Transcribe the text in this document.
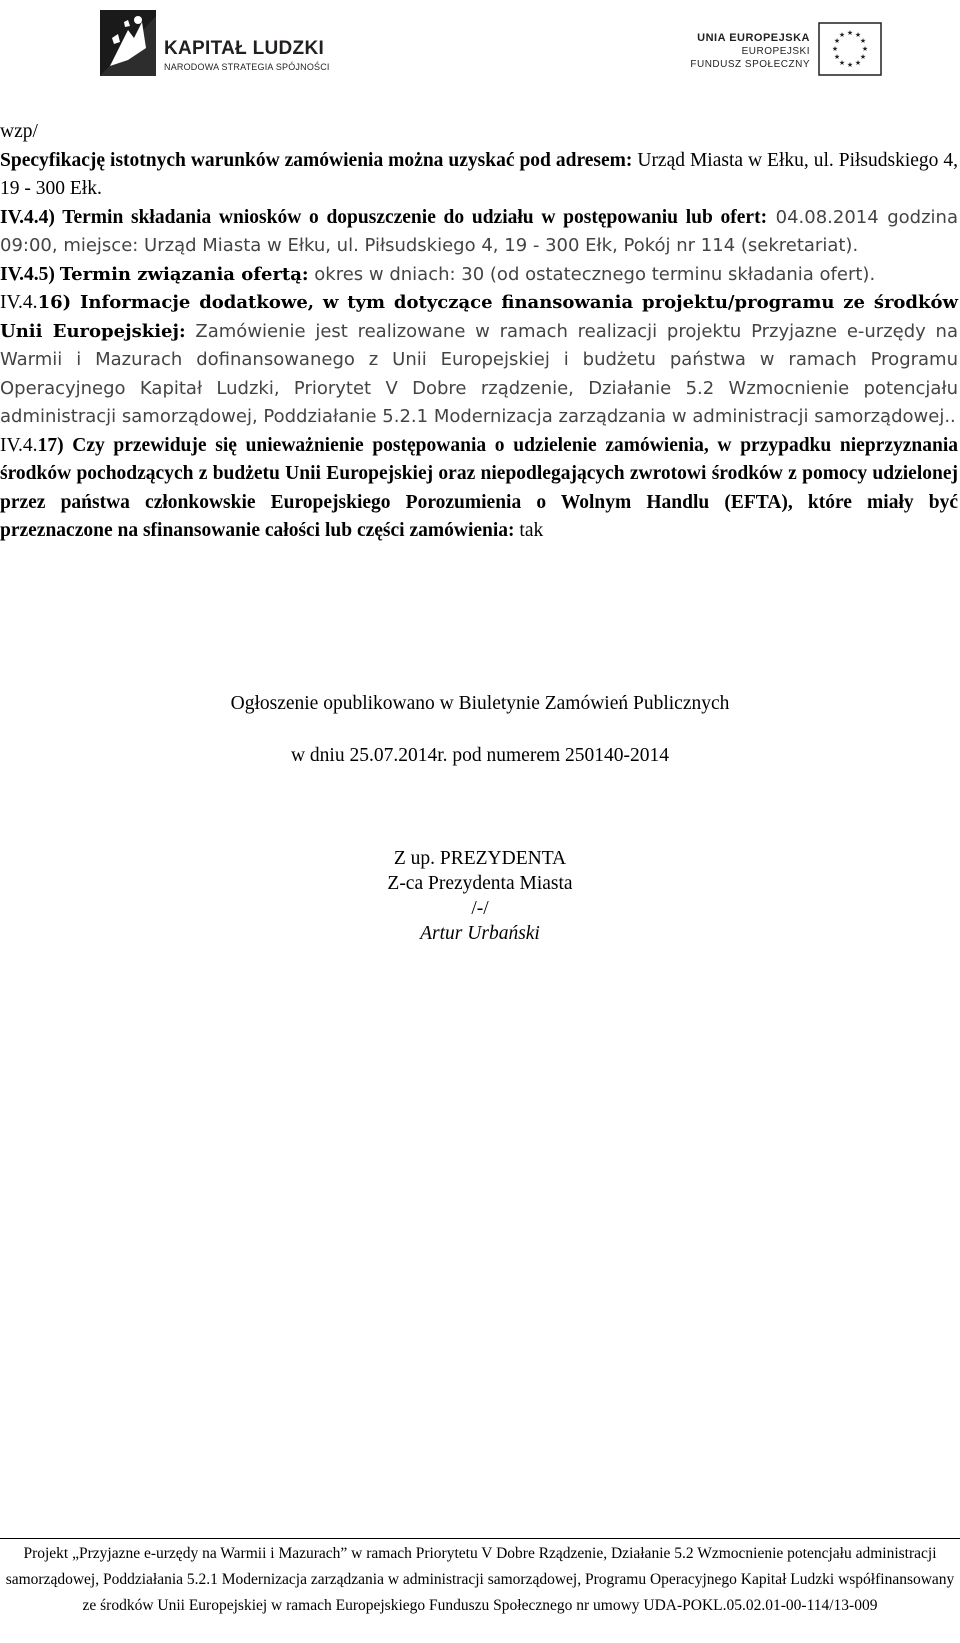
KAPITAŁ LUDZKI
NARODOWA STRATEGIA SPÓJNOŚCI
UNIA EUROPEJSKA
EUROPEJSKI
FUNDUSZ SPOŁECZNY
★ ★
★
★
★
★
★
★
★
★
★
★

wzp/

Specyfikację istotnych warunków zamówienia można uzyskać pod adresem: Urząd Miasta w Ełku, ul. Piłsudskiego 4, 19 - 300 Ełk.

IV.4.4) Termin składania wniosków o dopuszczenie do udziału w postępowaniu lub ofert: 04.08.2014 godzina 09:00, miejsce: Urząd Miasta w Ełku, ul. Piłsudskiego 4, 19 - 300 Ełk, Pokój nr 114 (sekretariat).

IV.4.5) Termin związania ofertą: okres w dniach: 30 (od ostatecznego terminu składania ofert).

IV.4.16) Informacje dodatkowe, w tym dotyczące finansowania projektu/programu ze środków Unii Europejskiej: Zamówienie jest realizowane w ramach realizacji projektu Przyjazne e-urzędy na Warmii i Mazurach dofinansowanego z Unii Europejskiej i budżetu państwa w ramach Programu Operacyjnego Kapitał Ludzki, Priorytet V Dobre rządzenie, Działanie 5.2 Wzmocnienie potencjału administracji samorządowej, Poddziałanie 5.2.1 Modernizacja zarządzania w administracji samorządowej..

IV.4.17) Czy przewiduje się unieważnienie postępowania o udzielenie zamówienia, w przypadku nieprzyznania środków pochodzących z budżetu Unii Europejskiej oraz niepodlegających zwrotowi środków z pomocy udzielonej przez państwa członkowskie Europejskiego Porozumienia o Wolnym Handlu (EFTA), które miały być przeznaczone na sfinansowanie całości lub części zamówienia: tak

Ogłoszenie opublikowano w Biuletynie Zamówień Publicznych
w dniu 25.07.2014r. pod numerem 250140-2014
Z up. PREZYDENTA
Z-ca Prezydenta Miasta
/-/
Artur Urbański

Projekt „Przyjazne e-urzędy na Warmii i Mazurach” w ramach Priorytetu V Dobre Rządzenie, Działanie 5.2 Wzmocnienie potencjału administracji samorządowej, Poddziałania 5.2.1 Modernizacja zarządzania w administracji samorządowej, Programu Operacyjnego Kapitał Ludzki współfinansowany ze środków Unii Europejskiej w ramach Europejskiego Funduszu Społecznego nr umowy UDA-POKL.05.02.01-00-114/13-009
